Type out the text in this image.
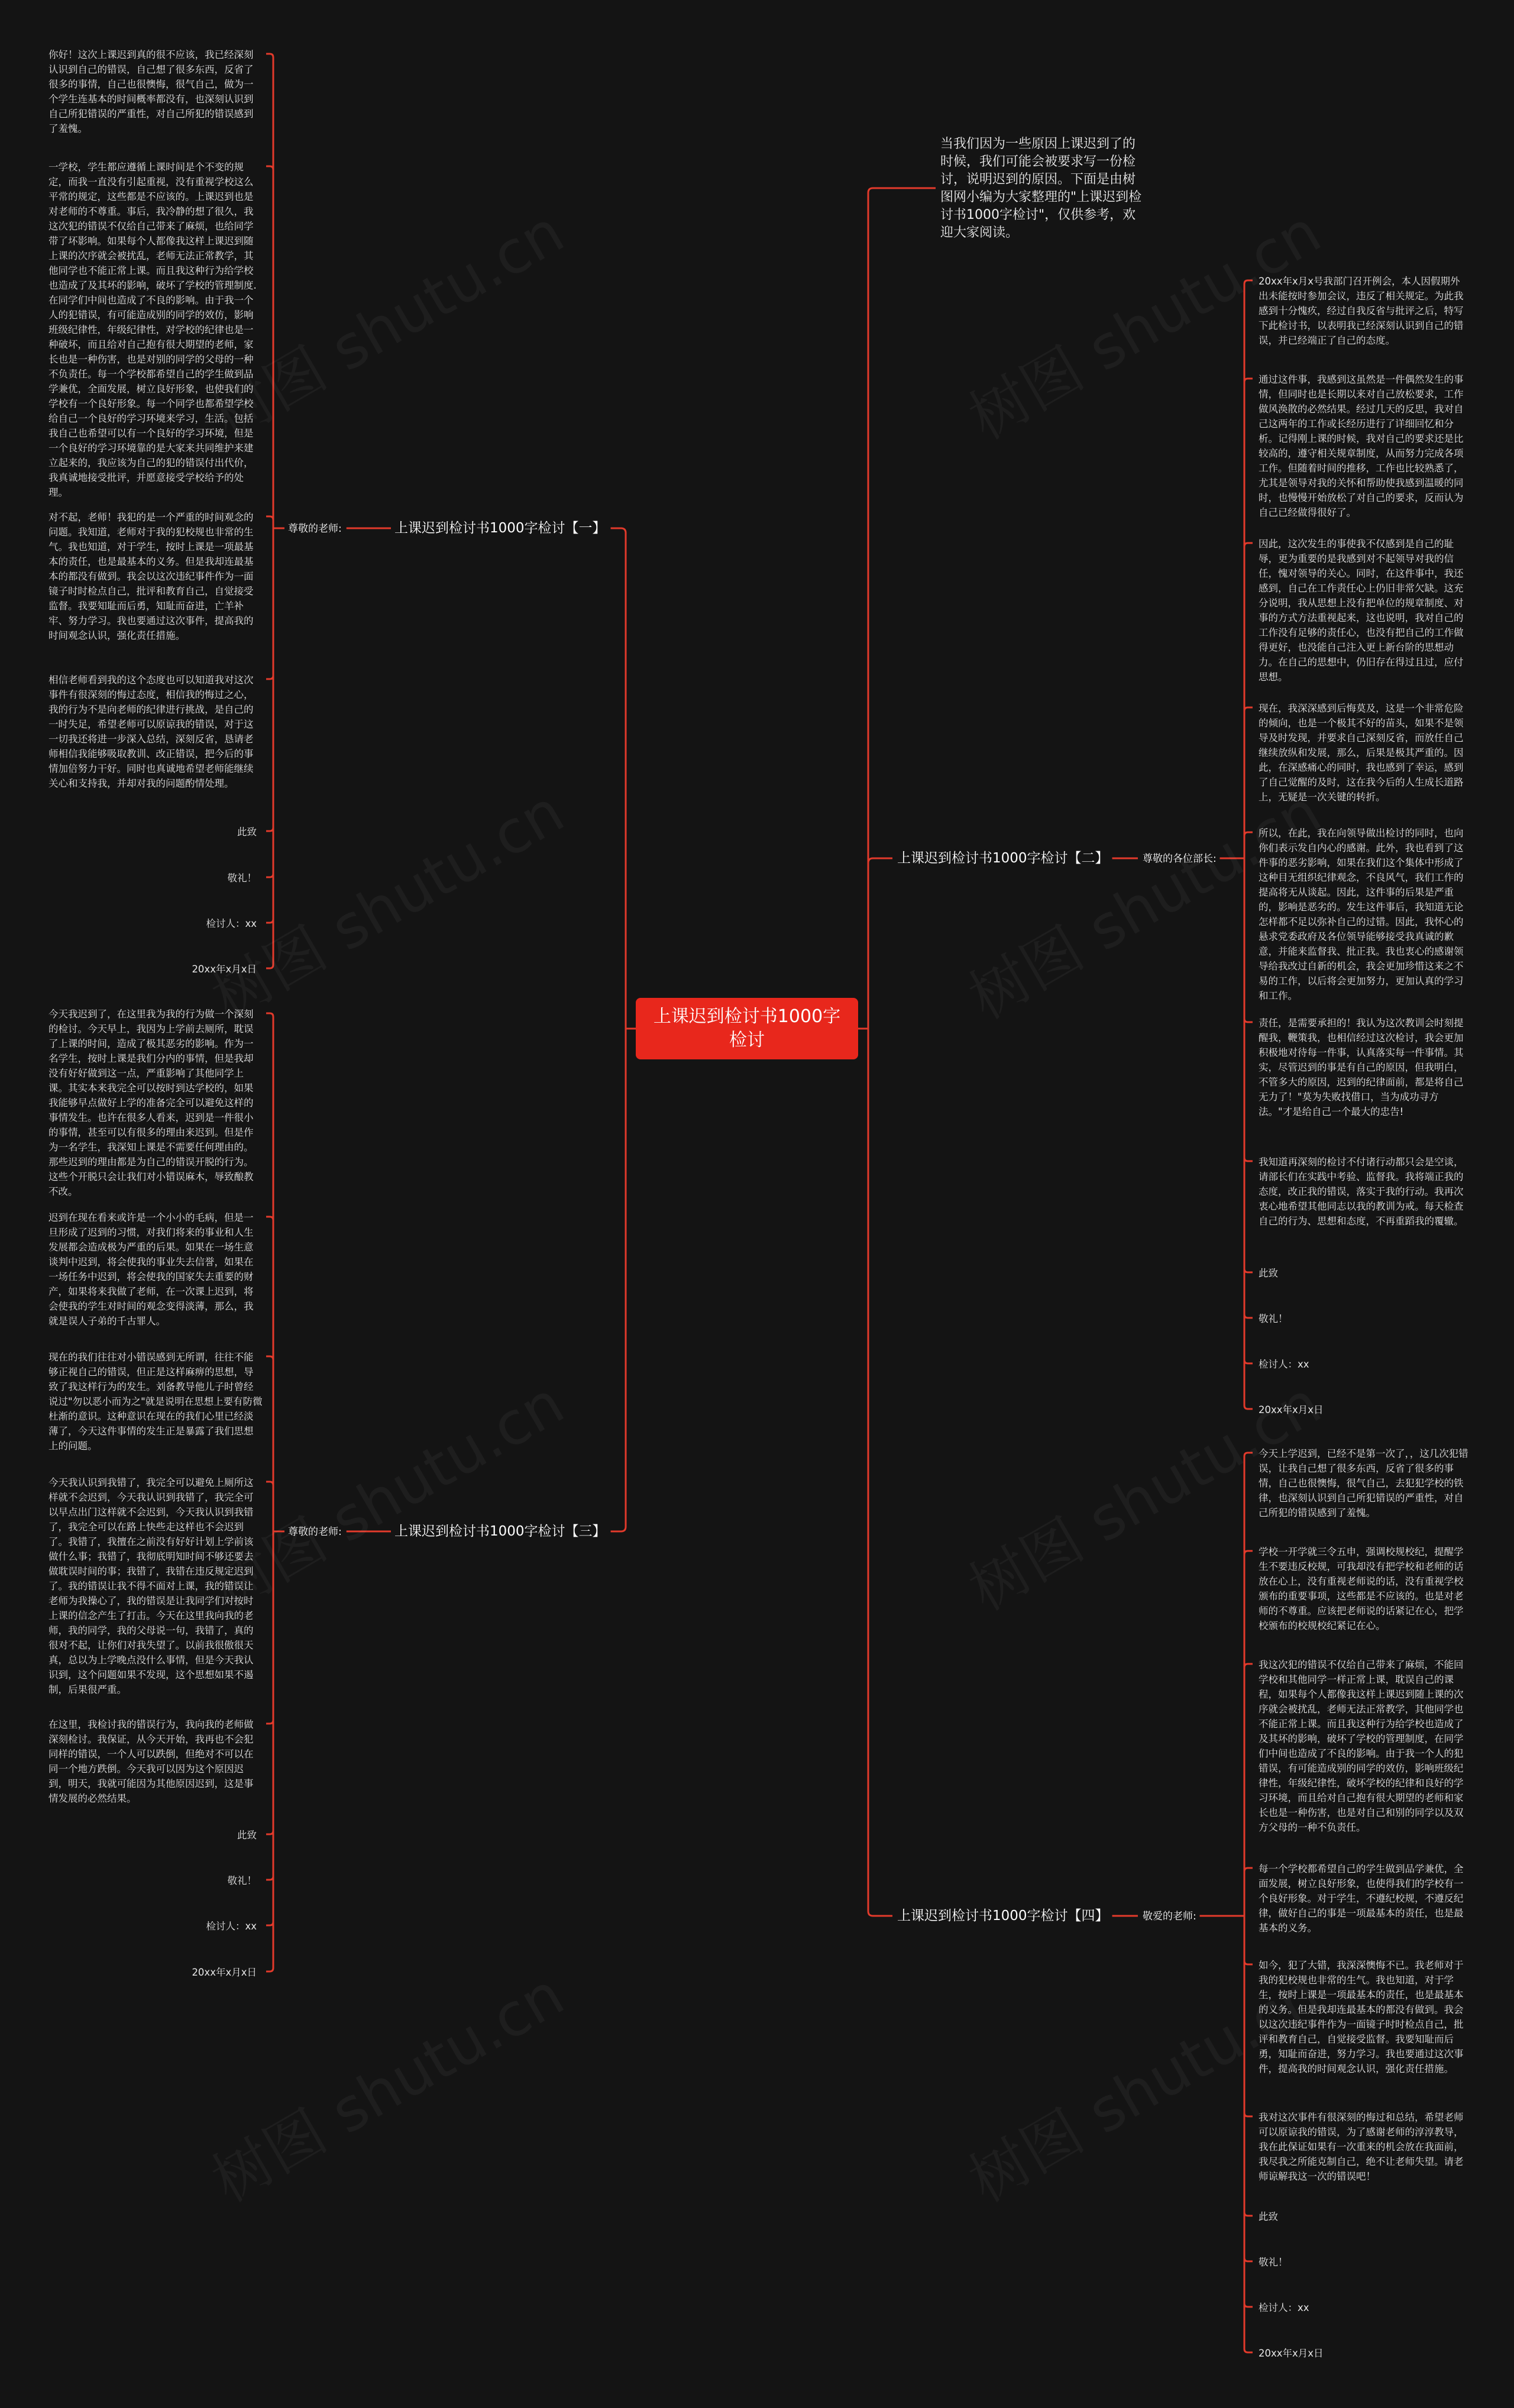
上课迟到检讨书1000字检讨
当我们因为一些原因上课迟到了的时候，我们可能会被要求写一份检讨，说明迟到的原因。下面是由树图网小编为大家整理的"上课迟到检讨书1000字检讨"，仅供参考，欢迎大家阅读。
上课迟到检讨书1000字检讨【一】
尊敬的老师:
你好！这次上课迟到真的很不应该，我已经深刻认识到自己的错误，自己想了很多东西，反省了很多的事情，自己也很懊悔，很气自己，做为一个学生连基本的时间概率都没有，也深刻认识到自己所犯错误的严重性，对自己所犯的错误感到了羞愧。
一学校，学生都应遵循上课时间是个不变的规定，而我一直没有引起重视，没有重视学校这么平常的规定，这些都是不应该的。上课迟到也是对老师的不尊重。事后，我冷静的想了很久，我这次犯的错误不仅给自己带来了麻烦，也给同学带了坏影响。如果每个人都像我这样上课迟到随上课的次序就会被扰乱，老师无法正常教学，其他同学也不能正常上课。而且我这种行为给学校也造成了及其坏的影响，破坏了学校的管理制度.在同学们中间也造成了不良的影响。由于我一个人的犯错误，有可能造成别的同学的效仿，影响班级纪律性，年级纪律性，对学校的纪律也是一种破坏，而且给对自己抱有很大期望的老师，家长也是一种伤害，也是对别的同学的父母的一种不负责任。每一个学校都希望自己的学生做到品学兼优，全面发展，树立良好形象，也使我们的学校有一个良好形象。每一个同学也都希望学校给自己一个良好的学习环境来学习，生活。包括我自己也希望可以有一个良好的学习环境，但是一个良好的学习环境靠的是大家来共同维护来建立起来的，我应该为自己的犯的错误付出代价，我真诚地接受批评，并愿意接受学校给予的处理。
对不起，老师！我犯的是一个严重的时间观念的问题。我知道，老师对于我的犯校规也非常的生气。我也知道，对于学生，按时上课是一项最基本的责任，也是最基本的义务。但是我却连最基本的都没有做到。我会以这次违纪事件作为一面镜子时时检点自己，批评和教育自己，自觉接受监督。我要知耻而后勇，知耻而奋进，亡羊补牢、努力学习。我也要通过这次事件，提高我的时间观念认识，强化责任措施。
相信老师看到我的这个态度也可以知道我对这次事件有很深刻的悔过态度，相信我的悔过之心，我的行为不是向老师的纪律进行挑战，是自己的一时失足，希望老师可以原谅我的错误，对于这一切我还将进一步深入总结，深刻反省，恳请老师相信我能够吸取教训、改正错误，把今后的事情加倍努力干好。同时也真诚地希望老师能继续关心和支持我，并却对我的问题酌情处理。
此致
敬礼！
检讨人：xx
20xx年x月x日
上课迟到检讨书1000字检讨【三】
尊敬的老师:
今天我迟到了，在这里我为我的行为做一个深刻的检讨。今天早上，我因为上学前去厕所，耽误了上课的时间，造成了极其恶劣的影响。作为一名学生，按时上课是我们分内的事情，但是我却没有好好做到这一点，严重影响了其他同学上课。其实本来我完全可以按时到达学校的，如果我能够早点做好上学的准备完全可以避免这样的事情发生。也许在很多人看来，迟到是一件很小的事情，甚至可以有很多的理由来迟到。但是作为一名学生，我深知上课是不需要任何理由的。那些迟到的理由都是为自己的错误开脱的行为。这些个开脱只会让我们对小错误麻木，辱致酿教不改。
迟到在现在看来或许是一个小小的毛病，但是一旦形成了迟到的习惯，对我们将来的事业和人生发展都会造成极为严重的后果。如果在一场生意谈判中迟到，将会使我的事业失去信誉，如果在一场任务中迟到，将会使我的国家失去重要的财产，如果将来我做了老师，在一次课上迟到，将会使我的学生对时间的观念变得淡薄，那么，我就是误人子弟的千古罪人。
现在的我们往往对小错误感到无所谓，往往不能够正视自己的错误，但正是这样麻痹的思想，导致了我这样行为的发生。刘备教导他儿子时曾经说过"勿以恶小而为之"就是说明在思想上要有防微杜渐的意识。这种意识在现在的我们心里已经淡薄了，今天这件事情的发生正是暴露了我们思想上的问题。
今天我认识到我错了，我完全可以避免上厕所这样就不会迟到，今天我认识到我错了，我完全可以早点出门这样就不会迟到，今天我认识到我错了，我完全可以在路上快些走这样也不会迟到了。我错了，我擅在之前没有好好计划上学前该做什么事；我错了，我彻底明知时间不够还要去做耽误时间的事；我错了，我错在违反规定迟到了。我的错误让我不得不面对上课，我的错误让老师为我操心了，我的错误是让我同学们对按时上课的信念产生了打击。今天在这里我向我的老师，我的同学，我的父母说一句，我错了，真的很对不起，让你们对我失望了。以前我很傲很天真，总以为上学晚点没什么事情，但是今天我认识到，这个问题如果不发现，这个思想如果不遏制，后果很严重。
在这里，我检讨我的错误行为，我向我的老师做深刻检讨。我保证，从今天开始，我再也不会犯同样的错误，一个人可以跌倒，但绝对不可以在同一个地方跌倒。今天我可以因为这个原因迟到，明天，我就可能因为其他原因迟到，这是事情发展的必然结果。
此致
敬礼！
检讨人：xx
20xx年x月x日
上课迟到检讨书1000字检讨【二】	尊敬的各位部长:
20xx年x月x号我部门召开例会，本人因假期外出未能按时参加会议，违反了相关规定。为此我感到十分愧疚，经过自我反省与批评之后，特写下此检讨书，以表明我已经深刻认识到自己的错误，并已经端正了自己的态度。
通过这件事，我感到这虽然是一件偶然发生的事情，但同时也是长期以来对自己放松要求，工作做风涣散的必然结果。经过几天的反思，我对自己这两年的工作或长经历进行了详细回忆和分析。记得刚上课的时候，我对自己的要求还是比较高的，遵守相关规章制度，从而努力完成各项工作。但随着时间的推移，工作也比较熟悉了，尤其是领导对我的关怀和帮助使我感到温暖的同时，也慢慢开始放松了对自己的要求，反而认为自己已经做得很好了。
因此，这次发生的事使我不仅感到是自己的耻辱，更为重要的是我感到对不起领导对我的信任，愧对领导的关心。同时，在这件事中，我还感到，自己在工作责任心上仍旧非常欠缺。这充分说明，我从思想上没有把单位的规章制度、对事的方式方法重视起来，这也说明，我对自己的工作没有足够的责任心，也没有把自己的工作做得更好，也没能自己注入更上新台阶的思想动力。在自己的思想中，仍旧存在得过且过，应付思想。
现在，我深深感到后悔莫及，这是一个非常危险的倾向，也是一个极其不好的苗头，如果不是领导及时发现，并要求自己深刻反省，而放任自己继续放纵和发展，那么，后果是极其严重的。因此，在深感痛心的同时，我也感到了幸运，感到了自己觉醒的及时，这在我今后的人生成长道路上，无疑是一次关键的转折。
所以，在此，我在向领导做出检讨的同时，也向你们表示发自内心的感谢。此外，我也看到了这件事的恶劣影响，如果在我们这个集体中形成了这种目无组织纪律观念，不良风气，我们工作的提高将无从谈起。因此，这件事的后果是严重的，影响是恶劣的。发生这件事后，我知道无论怎样都不足以弥补自己的过错。因此，我怀心的悬求党委政府及各位领导能够接受我真诚的歉意，并能来监督我、批正我。我也衷心的感谢领导给我改过自新的机会，我会更加珍惜这来之不易的工作，以后将会更加努力，更加认真的学习和工作。
责任，是需要承担的！我认为这次教训会时刻提醒我，鞭策我，也相信经过这次检讨，我会更加积极地对待每一件事，认真落实每一件事情。其实，尽管迟到的事是有自己的原因，但我明白，不管多大的原因，迟到的纪律面前，都是将自己无力了！"莫为失败找借口，当为成功寻方法。"才是给自己一个最大的忠告!
我知道再深刻的检讨不付诸行动都只会是空谈，请部长们在实践中考验、监督我。我将端正我的态度，改正我的错误，落实于我的行动。我再次衷心地希望其他同志以我的教训为戒。每天检查自己的行为、思想和态度，不再重蹈我的覆辙。
此致
敬礼！
检讨人：xx
20xx年x月x日
上课迟到检讨书1000字检讨【四】	敬爱的老师:
今天上学迟到，已经不是第一次了，，这几次犯错误，让我自己想了很多东西，反省了很多的事情，自己也很懊悔，很气自己，去犯犯学校的铁律，也深刻认识到自己所犯错误的严重性，对自己所犯的错误感到了羞愧。
学校一开学就三令五申，强调校规校纪，提醒学生不要违反校规，可我却没有把学校和老师的话放在心上，没有重视老师说的话，没有重视学校颁布的重要事项，这些都是不应该的。也是对老师的不尊重。应该把老师说的话紧记在心，把学校颁布的校规校纪紧记在心。
我这次犯的错误不仅给自己带来了麻烦，不能回学校和其他同学一样正常上课，耽误自己的课程，如果每个人都像我这样上课迟到随上课的次序就会被扰乱，老师无法正常教学，其他同学也不能正常上课。而且我这种行为给学校也造成了及其坏的影响，破坏了学校的管理制度，在同学们中间也造成了不良的影响。由于我一个人的犯错误，有可能造成别的同学的效仿，影响班级纪律性，年级纪律性，破坏学校的纪律和良好的学习环境，而且给对自己抱有很大期望的老师和家长也是一种伤害，也是对自己和别的同学以及双方父母的一种不负责任。
每一个学校都希望自己的学生做到品学兼优，全面发展，树立良好形象，也使得我们的学校有一个良好形象。对于学生，不遵纪校规，不遵反纪律，做好自己的事是一项最基本的责任，也是最基本的义务。
如今，犯了大错，我深深懊悔不已。我老师对于我的犯校规也非常的生气。我也知道，对于学生，按时上课是一项最基本的责任，也是最基本的义务。但是我却连最基本的都没有做到。我会以这次违纪事件作为一面镜子时时检点自己，批评和教育自己，自觉接受监督。我要知耻而后勇，知耻而奋进，努力学习。我也要通过这次事件，提高我的时间观念认识，强化责任措施。
我对这次事件有很深刻的悔过和总结，希望老师可以原谅我的错误，为了感谢老师的淳淳教导，我在此保证如果有一次重来的机会放在我面前，我尽我之所能克制自己，绝不让老师失望。请老师谅解我这一次的错误吧！
此致
敬礼！
检讨人：xx
20xx年x月x日
